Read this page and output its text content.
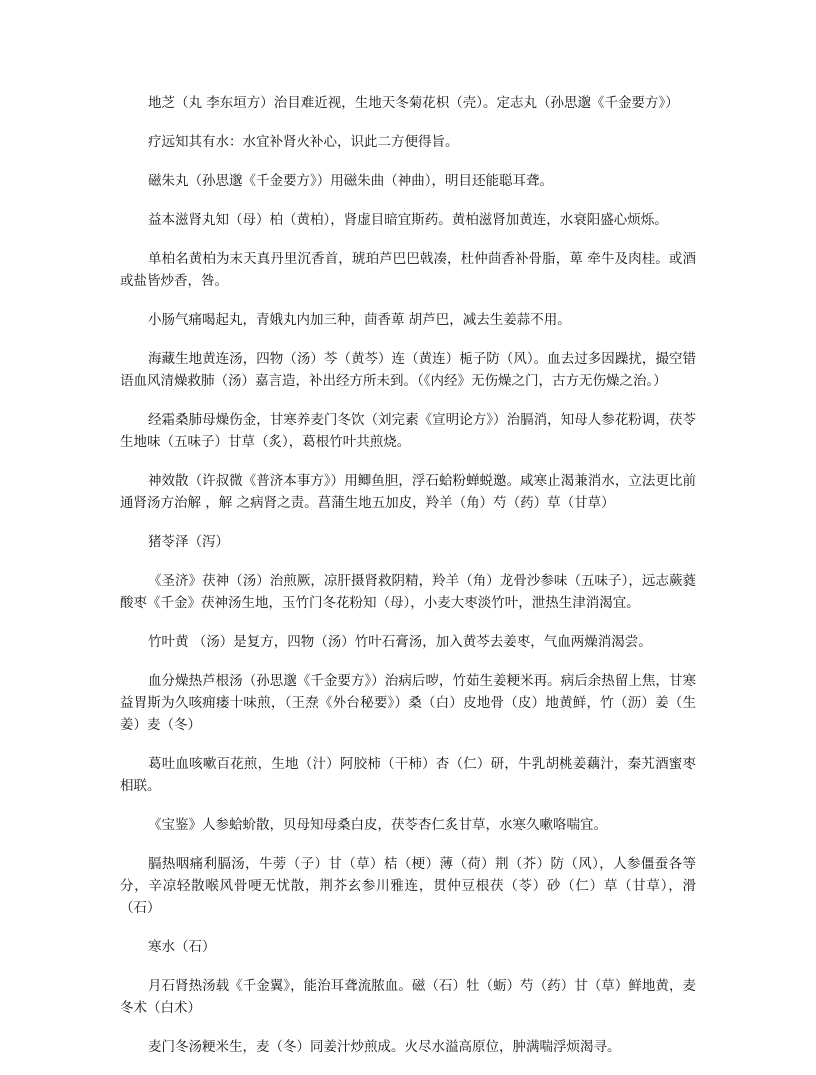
地芝（丸 李东垣方）治目难近视，生地天冬菊花枳（壳）。定志丸（孙思邈《千金要方》）

疗远知其有水：水宜补肾火补心，识此二方便得旨。

磁朱丸（孙思邈《千金要方》）用磁朱曲（神曲），明目还能聪耳聋。

益本滋肾丸知（母）柏（黄柏），肾虚目暗宜斯药。黄柏滋肾加黄连，水衰阳盛心烦烁。

单柏名黄柏为末天真丹里沉香首，琥珀芦巴巴戟凑，杜仲茴香补骨脂，萆 牵牛及肉桂。或酒或盐皆炒香，咎。

小肠气痛喝起丸，青娥丸内加三种，茴香萆 胡芦巴，减去生姜蒜不用。

海藏生地黄连汤，四物（汤）芩（黄芩）连（黄连）栀子防（风）。血去过多因躁扰，撮空错语血风清燥救肺（汤）嘉言造，补出经方所未到。（《内经》无伤燥之门，古方无伤燥之治。）

经霜桑肺母燥伤金，甘寒养麦门冬饮（刘完素《宣明论方》）治膈消，知母人参花粉调，茯苓生地味（五味子）甘草（炙），葛根竹叶共煎烧。

神效散（许叔微《普济本事方》）用鲫鱼胆，浮石蛤粉蝉蜕邀。咸寒止渴兼消水，立法更比前通肾汤方治解 ，解 之病肾之责。菖蒲生地五加皮，羚羊（角）芍（药）草（甘草）

猪苓泽（泻）

《圣济》茯神（汤）治煎厥，凉肝摄肾救阴精，羚羊（角）龙骨沙参味（五味子），远志蕨蕤酸枣《千金》茯神汤生地，玉竹门冬花粉知（母），小麦大枣淡竹叶，泄热生津消渴宜。

竹叶黄 （汤）是复方，四物（汤）竹叶石膏汤，加入黄芩去姜枣，气血两燥消渴尝。

血分燥热芦根汤（孙思邈《千金要方》）治病后哕，竹茹生姜粳米再。病后余热留上焦，甘寒益胃斯为久咳痈瘘十味煎，（王焘《外台秘要》）桑（白）皮地骨（皮）地黄鲜，竹（沥）姜（生姜）麦（冬）

葛吐血咳嗽百花煎，生地（汁）阿胶柿（干柿）杏（仁）研，牛乳胡桃姜藕汁，秦艽酒蜜枣相联。

《宝鉴》人参蛤蚧散，贝母知母桑白皮，茯苓杏仁炙甘草，水寒久嗽咯喘宜。

膈热咽痛利膈汤，牛蒡（子）甘（草）桔（梗）薄（荷）荆（芥）防（风），人参僵蚕各等分，辛凉轻散喉风骨哽无忧散，荆芥玄参川雅连，贯仲豆根茯（苓）砂（仁）草（甘草），滑（石）

寒水（石）

月石肾热汤载《千金翼》，能治耳聋流脓血。磁（石）牡（蛎）芍（药）甘（草）鲜地黄，麦冬术（白术）

麦门冬汤粳米生，麦（冬）同姜汁炒煎成。火尽水溢高原位，肿满喘浮烦渴寻。
